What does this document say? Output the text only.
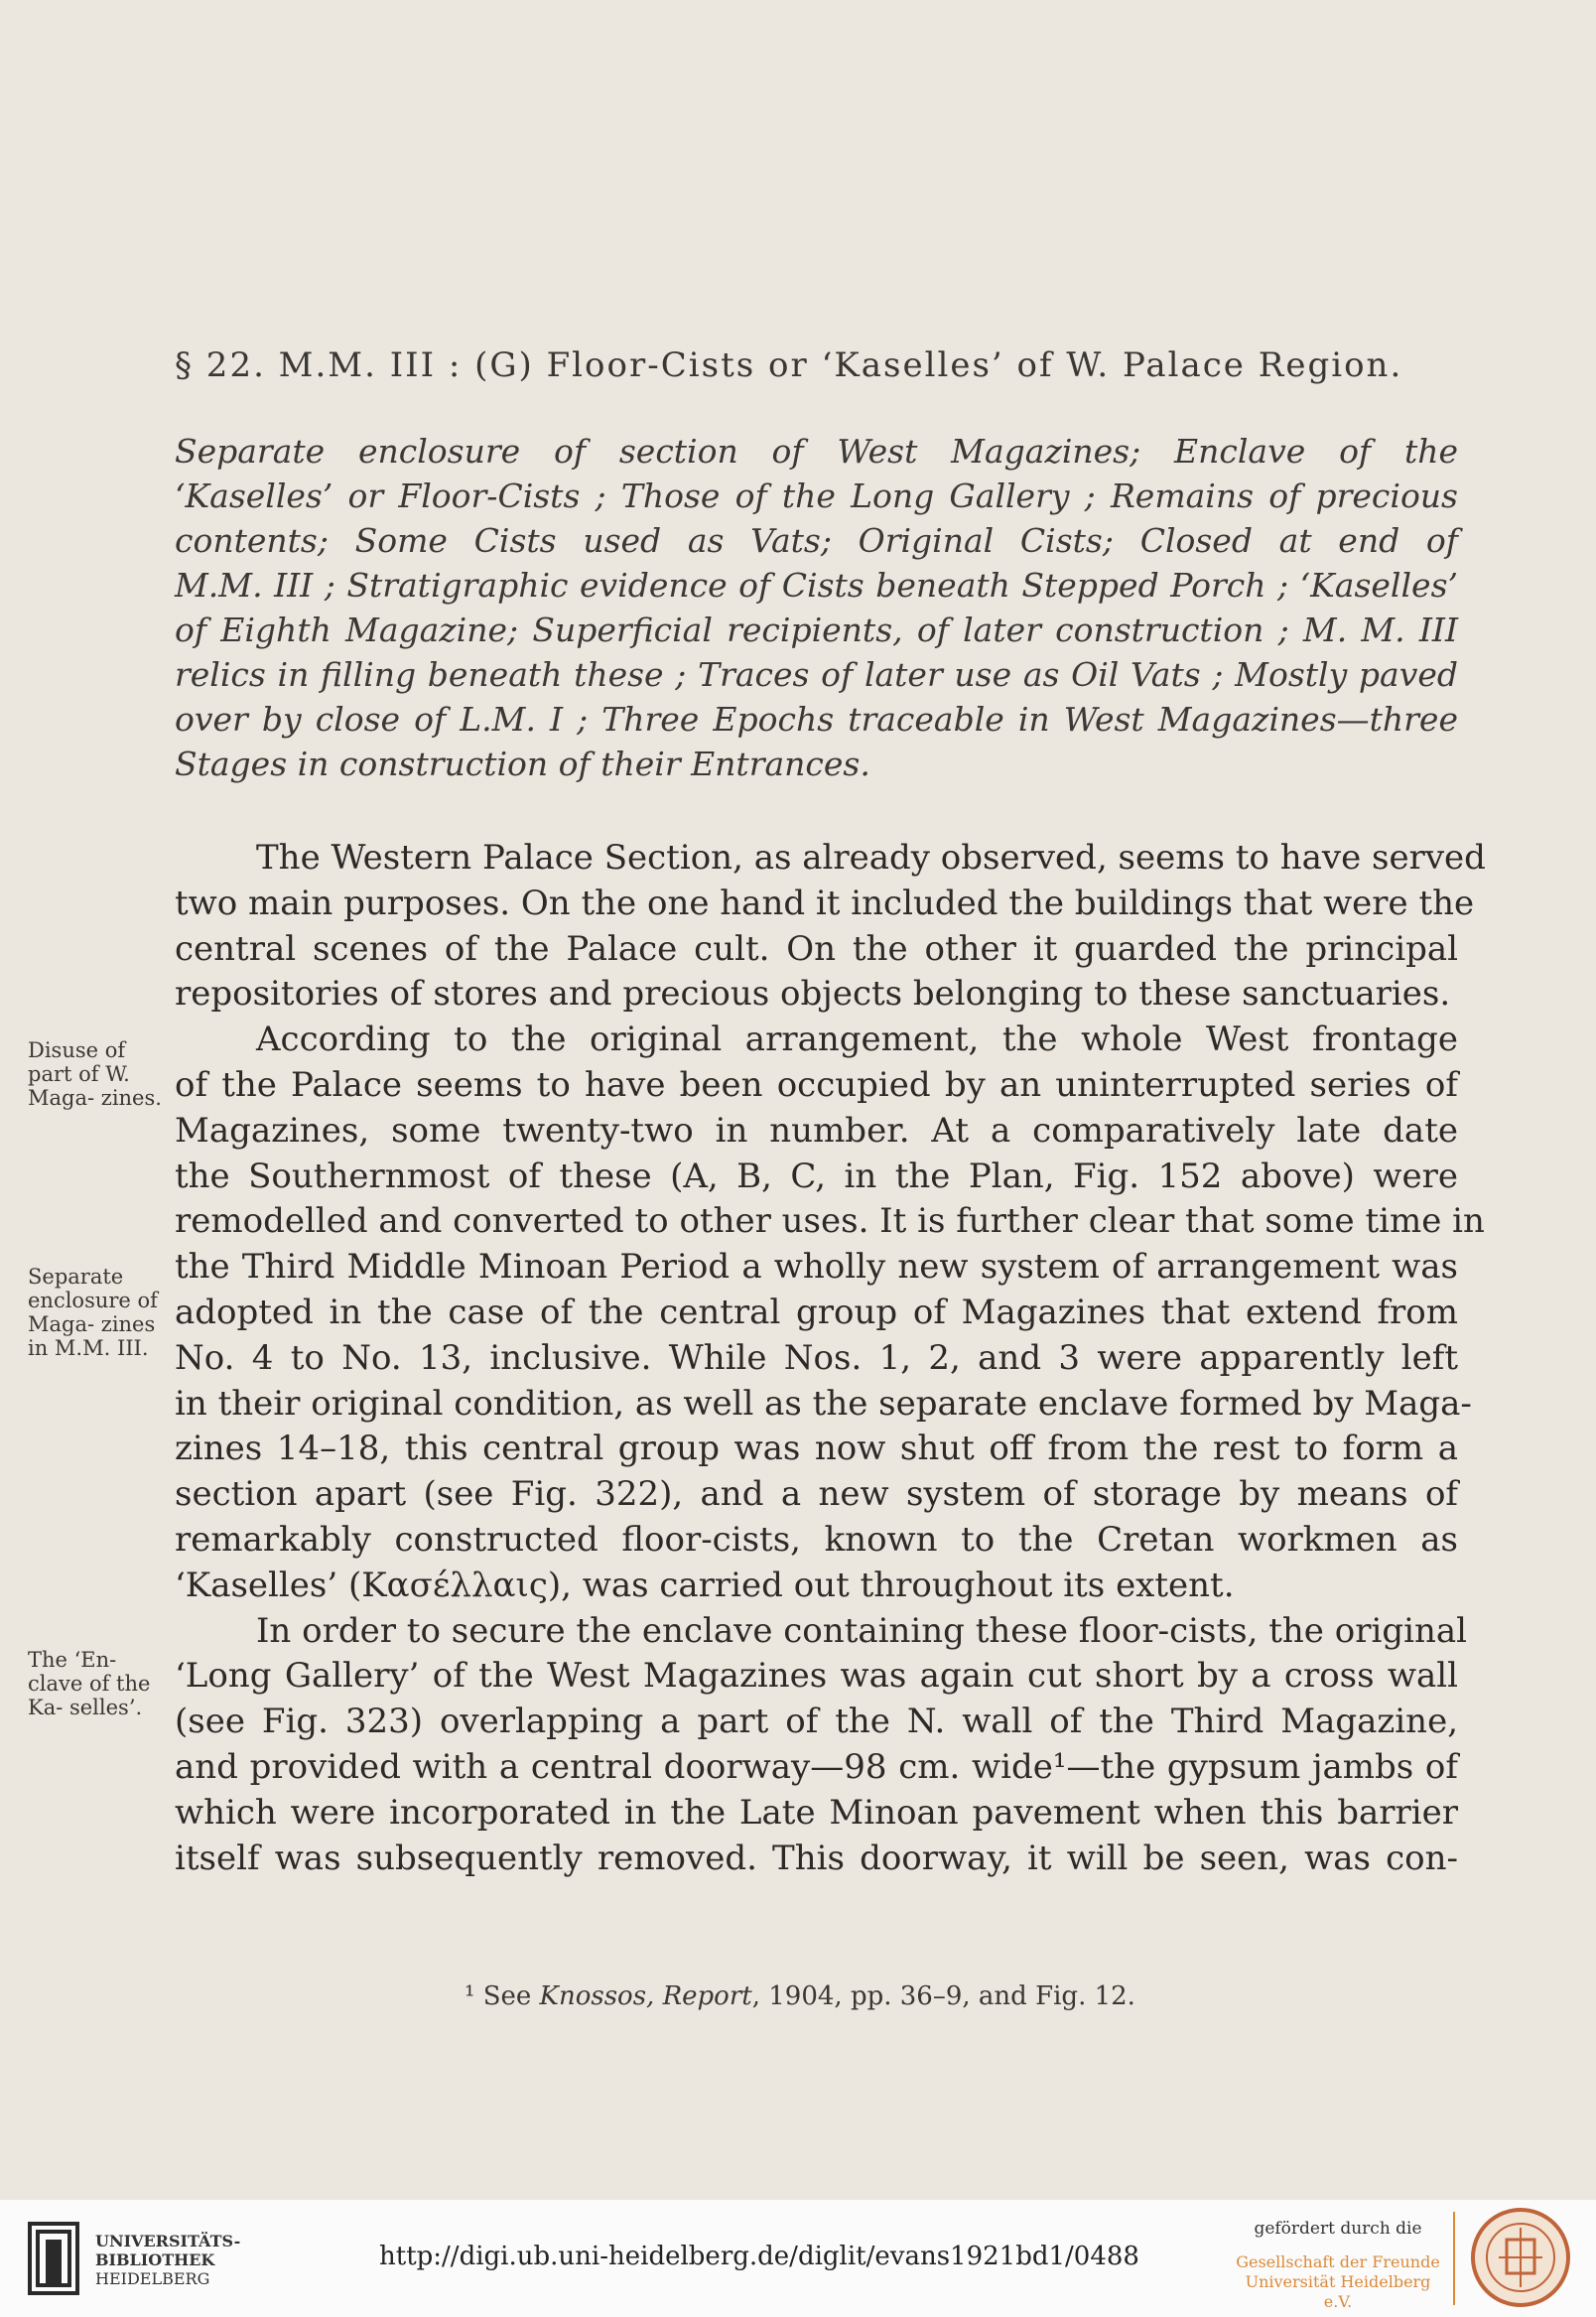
§ 22. M.M. III : (G) Floor-Cists or ‘Kaselles’ of W. Palace Region.
Separate enclosure of section of West Magazines; Enclave of the
‘Kaselles’ or Floor-Cists ; Those of the Long Gallery ; Remains of precious
contents; Some Cists used as Vats; Original Cists; Closed at end of
M.M. III ; Stratigraphic evidence of Cists beneath Stepped Porch ; ‘Kaselles’
of Eighth Magazine; Superficial recipients, of later construction ; M. M. III
relics in filling beneath these ; Traces of later use as Oil Vats ; Mostly paved
over by close of L.M. I ; Three Epochs traceable in West Magazines—three
Stages in construction of their Entrances.
The Western Palace Section, as already observed, seems to have served
two main purposes. On the one hand it included the buildings that were the
central scenes of the Palace cult. On the other it guarded the principal
repositories of stores and precious objects belonging to these sanctuaries.
According to the original arrangement, the whole West frontage
of the Palace seems to have been occupied by an uninterrupted series of
Magazines, some twenty-two in number. At a comparatively late date
the Southernmost of these (A, B, C, in the Plan, Fig. 152 above) were
remodelled and converted to other uses. It is further clear that some time in
the Third Middle Minoan Period a wholly new system of arrangement was
adopted in the case of the central group of Magazines that extend from
No. 4 to No. 13, inclusive. While Nos. 1, 2, and 3 were apparently left
in their original condition, as well as the separate enclave formed by Maga-
zines 14–18, this central group was now shut off from the rest to form a
section apart (see Fig. 322), and a new system of storage by means of
remarkably constructed floor-cists, known to the Cretan workmen as
‘Kaselles’ (Κασέλλαις), was carried out throughout its extent.
In order to secure the enclave containing these floor-cists, the original
‘Long Gallery’ of the West Magazines was again cut short by a cross wall
(see Fig. 323) overlapping a part of the N. wall of the Third Magazine,
and provided with a central doorway—98 cm. wide¹—the gypsum jambs of
which were incorporated in the Late Minoan pavement when this barrier
itself was subsequently removed. This doorway, it will be seen, was con-
Disuse of part of W. Maga- zines.
Separate enclosure of Maga- zines in M.M. III.
The ‘En- clave of the Ka- selles’.
¹ See Knossos, Report, 1904, pp. 36–9, and Fig. 12.
UNIVERSITÄTS-
BIBLIOTHEK
HEIDELBERG
http://digi.ub.uni-heidelberg.de/diglit/evans1921bd1/0488
gefördert durch die
Gesellschaft der Freunde
Universität Heidelberg e.V.
